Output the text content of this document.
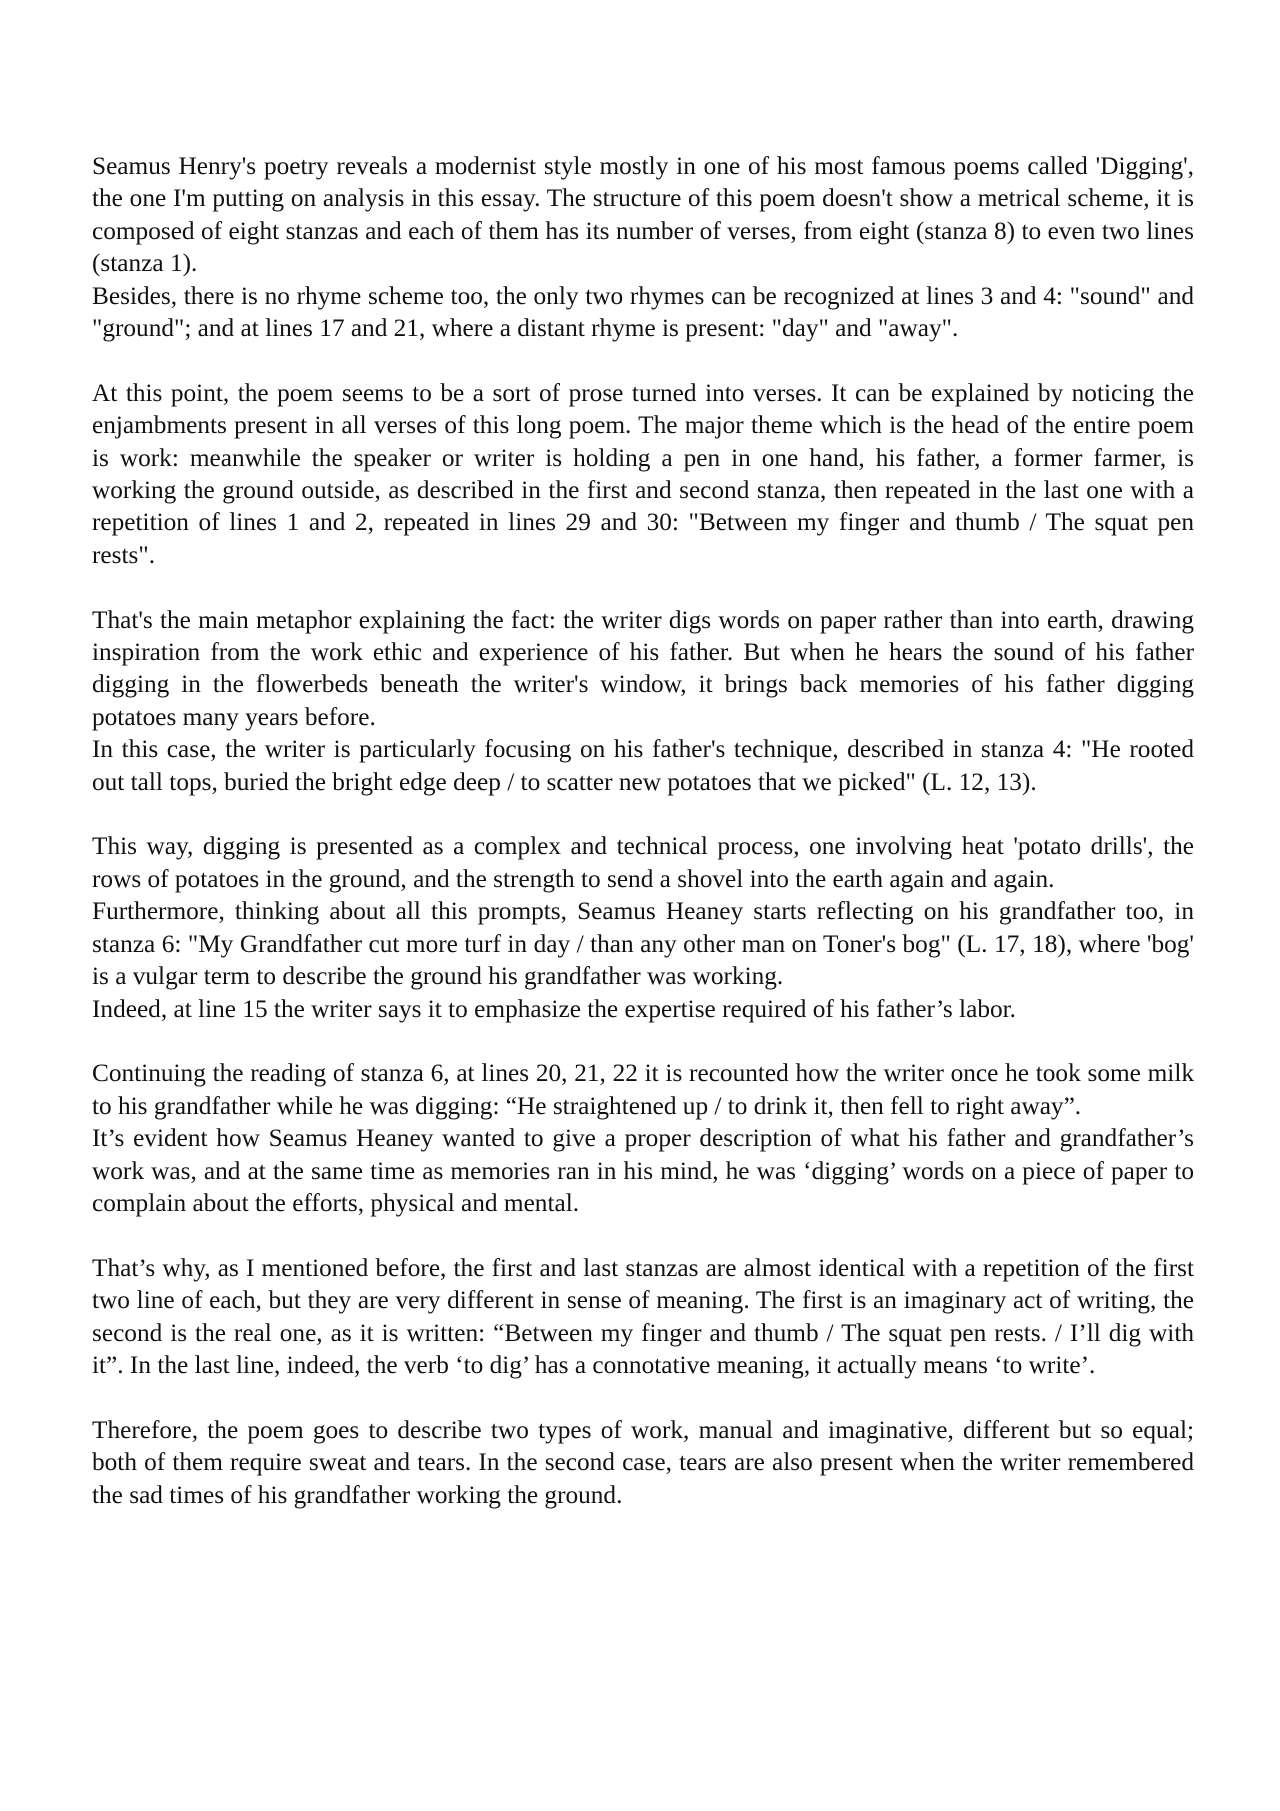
Seamus Henry's poetry reveals a modernist style mostly in one of his most famous poems called 'Digging', the one I'm putting on analysis in this essay. The structure of this poem doesn't show a metrical scheme, it is composed of eight stanzas and each of them has its number of verses, from eight (stanza 8) to even two lines (stanza 1).

Besides, there is no rhyme scheme too, the only two rhymes can be recognized at lines 3 and 4: "sound" and "ground"; and at lines 17 and 21, where a distant rhyme is present: "day" and "away".

At this point, the poem seems to be a sort of prose turned into verses. It can be explained by noticing the enjambments present in all verses of this long poem. The major theme which is the head of the entire poem is work: meanwhile the speaker or writer is holding a pen in one hand, his father, a former farmer, is working the ground outside, as described in the first and second stanza, then repeated in the last one with a repetition of lines 1 and 2, repeated in lines 29 and 30: "Between my finger and thumb / The squat pen rests".

That's the main metaphor explaining the fact: the writer digs words on paper rather than into earth, drawing inspiration from the work ethic and experience of his father. But when he hears the sound of his father digging in the flowerbeds beneath the writer's window, it brings back memories of his father digging potatoes many years before.

In this case, the writer is particularly focusing on his father's technique, described in stanza 4: "He rooted out tall tops, buried the bright edge deep / to scatter new potatoes that we picked" (L. 12, 13).

This way, digging is presented as a complex and technical process, one involving heat 'potato drills', the rows of potatoes in the ground, and the strength to send a shovel into the earth again and again.

Furthermore, thinking about all this prompts, Seamus Heaney starts reflecting on his grandfather too, in stanza 6: "My Grandfather cut more turf in day / than any other man on Toner's bog" (L. 17, 18), where 'bog' is a vulgar term to describe the ground his grandfather was working.

Indeed, at line 15 the writer says it to emphasize the expertise required of his father’s labor.

Continuing the reading of stanza 6, at lines 20, 21, 22 it is recounted how the writer once he took some milk to his grandfather while he was digging: “He straightened up / to drink it, then fell to right away”.

It’s evident how Seamus Heaney wanted to give a proper description of what his father and grandfather’s work was, and at the same time as memories ran in his mind, he was ‘digging’ words on a piece of paper to complain about the efforts, physical and mental.

That’s why, as I mentioned before, the first and last stanzas are almost identical with a repetition of the first two line of each, but they are very different in sense of meaning. The first is an imaginary act of writing, the second is the real one, as it is written: “Between my finger and thumb / The squat pen rests. / I’ll dig with it”. In the last line, indeed, the verb ‘to dig’ has a connotative meaning, it actually means ‘to write’.

Therefore, the poem goes to describe two types of work, manual and imaginative, different but so equal; both of them require sweat and tears. In the second case, tears are also present when the writer remembered the sad times of his grandfather working the ground.
